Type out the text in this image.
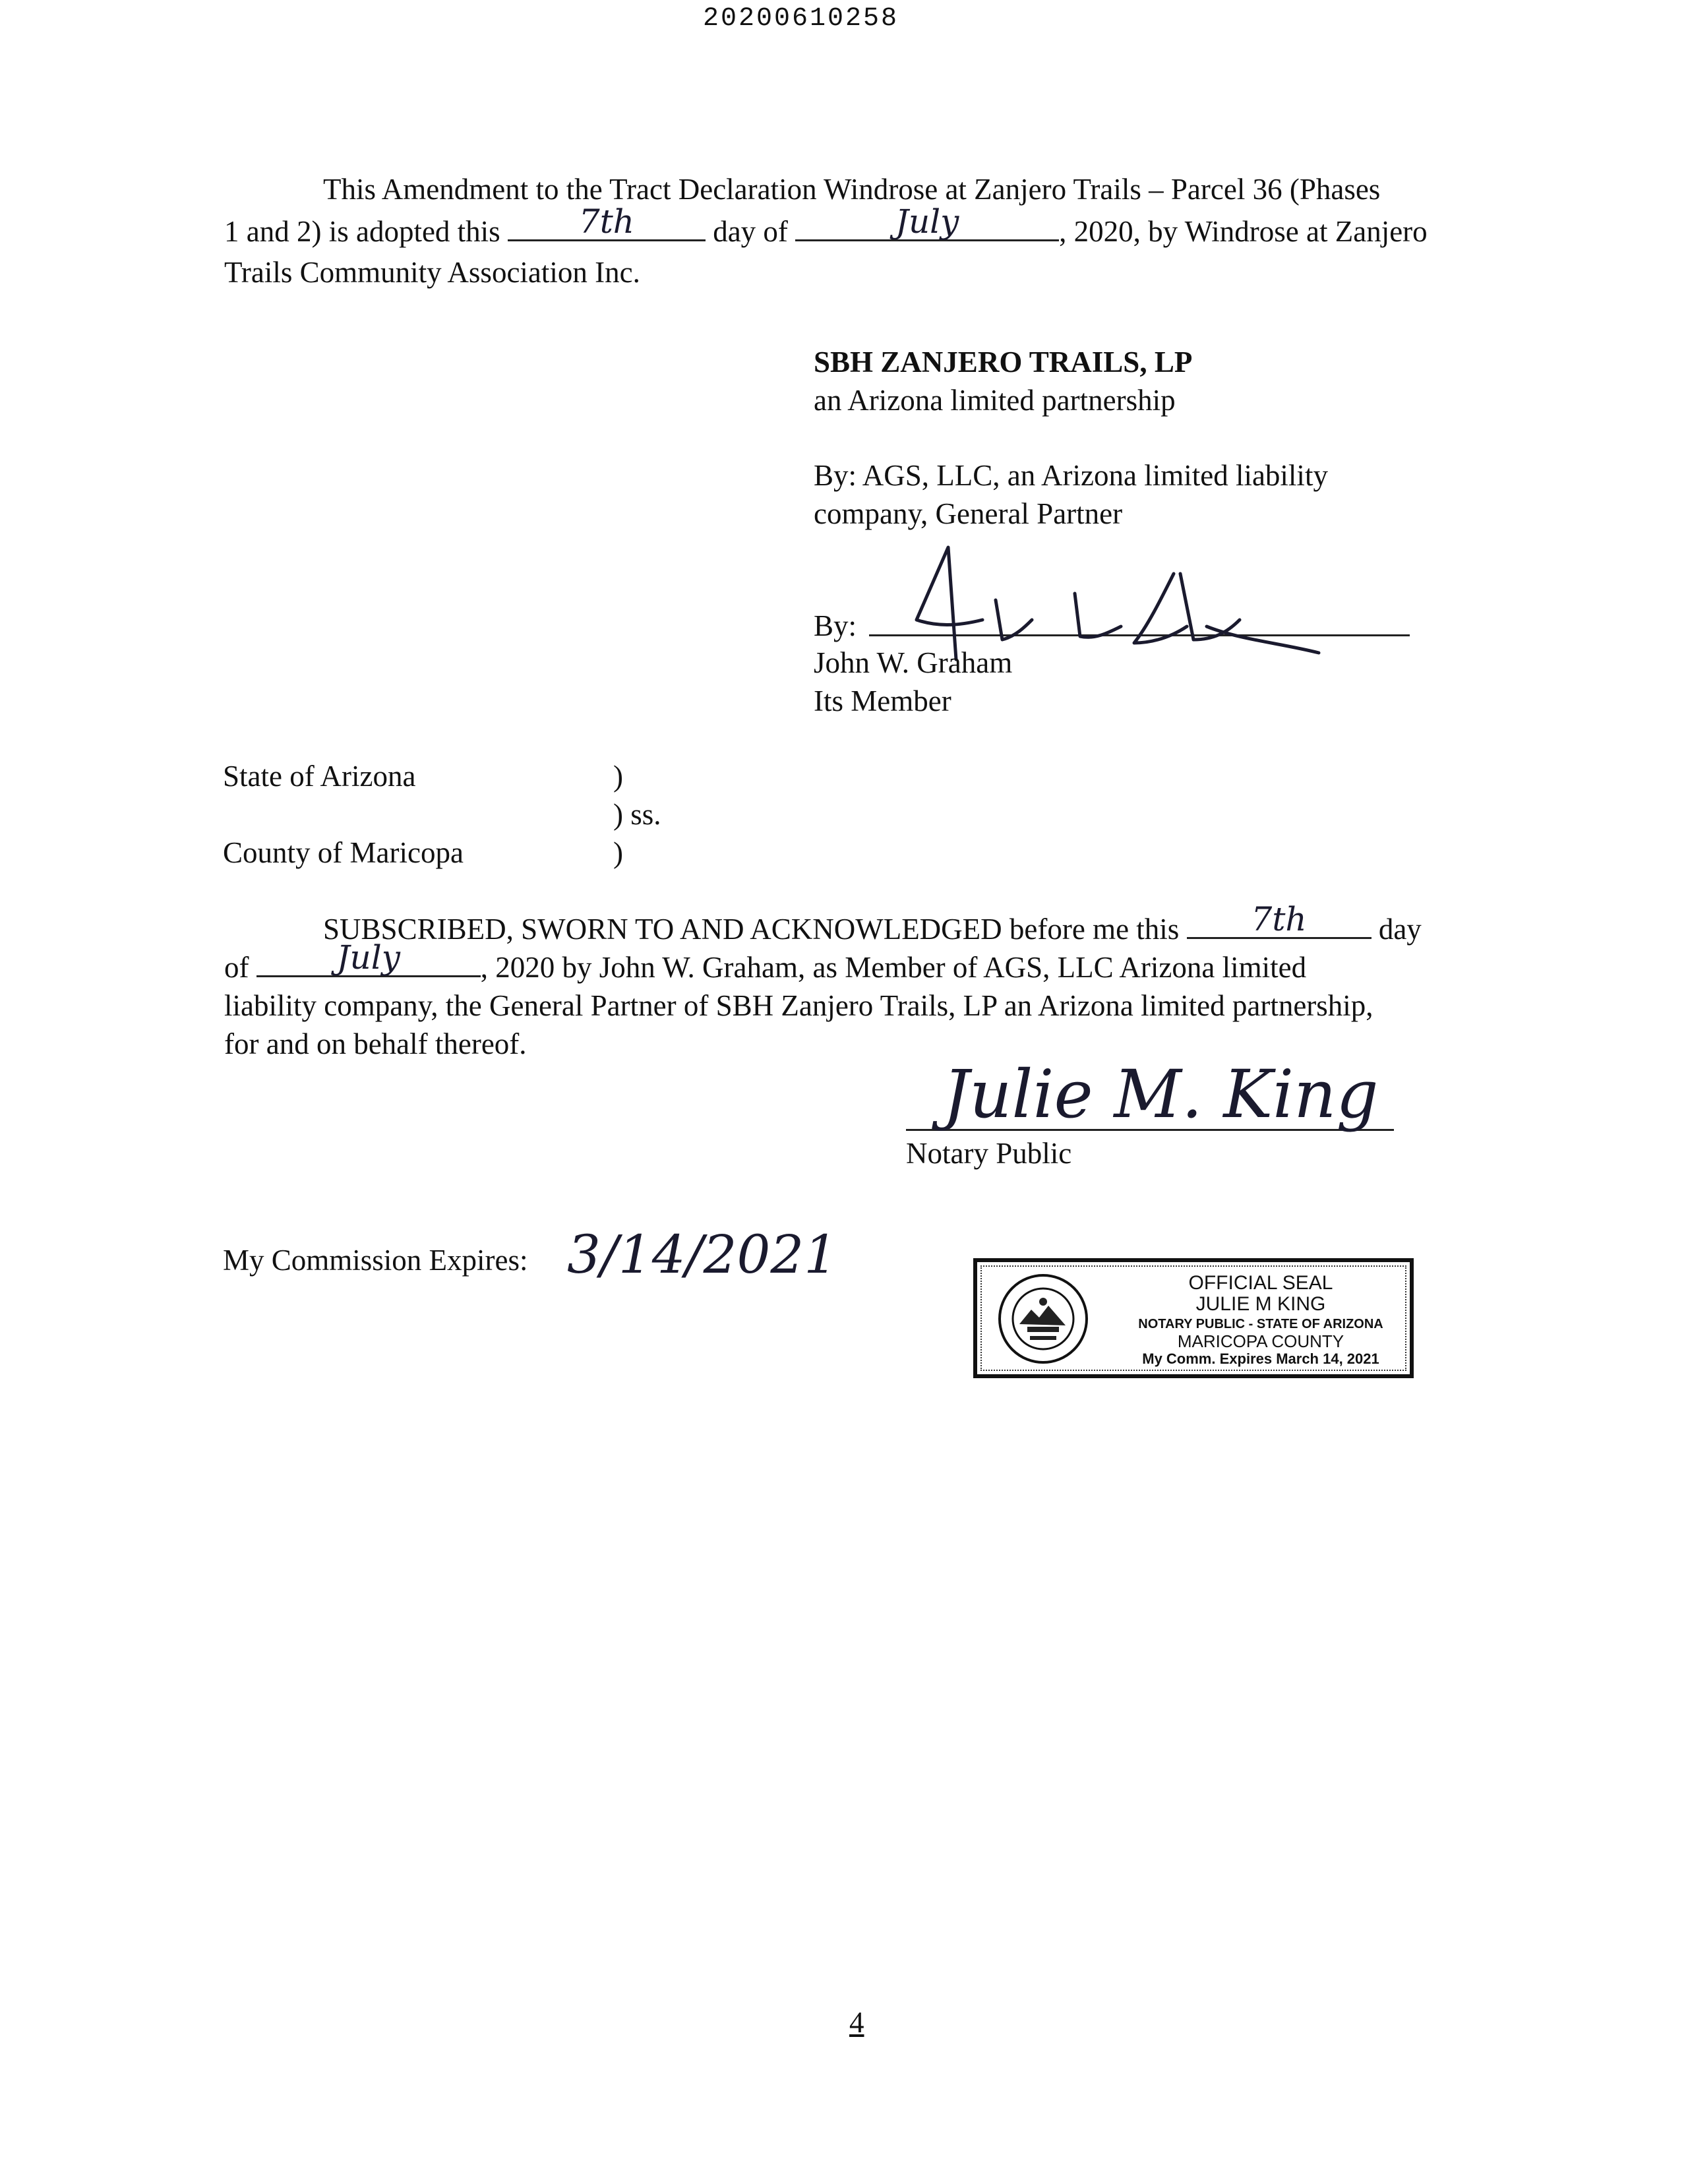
20200610258
This Amendment to the Tract Declaration Windrose at Zanjero Trails – Parcel 36 (Phases
1 and 2) is adopted this	7th	day of	July	, 2020, by Windrose at Zanjero
Trails Community Association Inc.
SBH ZANJERO TRAILS, LP
an Arizona limited partnership
By: AGS, LLC, an Arizona limited liability
company, General Partner
By:
John W. Graham
Its Member
State of Arizona	)
) ss.
County of Maricopa	)
SUBSCRIBED, SWORN TO AND ACKNOWLEDGED before me this	7th	day
of	July	, 2020 by John W. Graham, as Member of AGS, LLC Arizona limited
liability company, the General Partner of SBH Zanjero Trails, LP an Arizona limited partnership,
for and on behalf thereof.
Julie M. King
Notary Public
My Commission Expires: 3/14/2021	OFFICIAL SEAL
JULIE M KING
NOTARY PUBLIC - STATE OF ARIZONA
MARICOPA COUNTY
My Comm. Expires March 14, 2021
4
